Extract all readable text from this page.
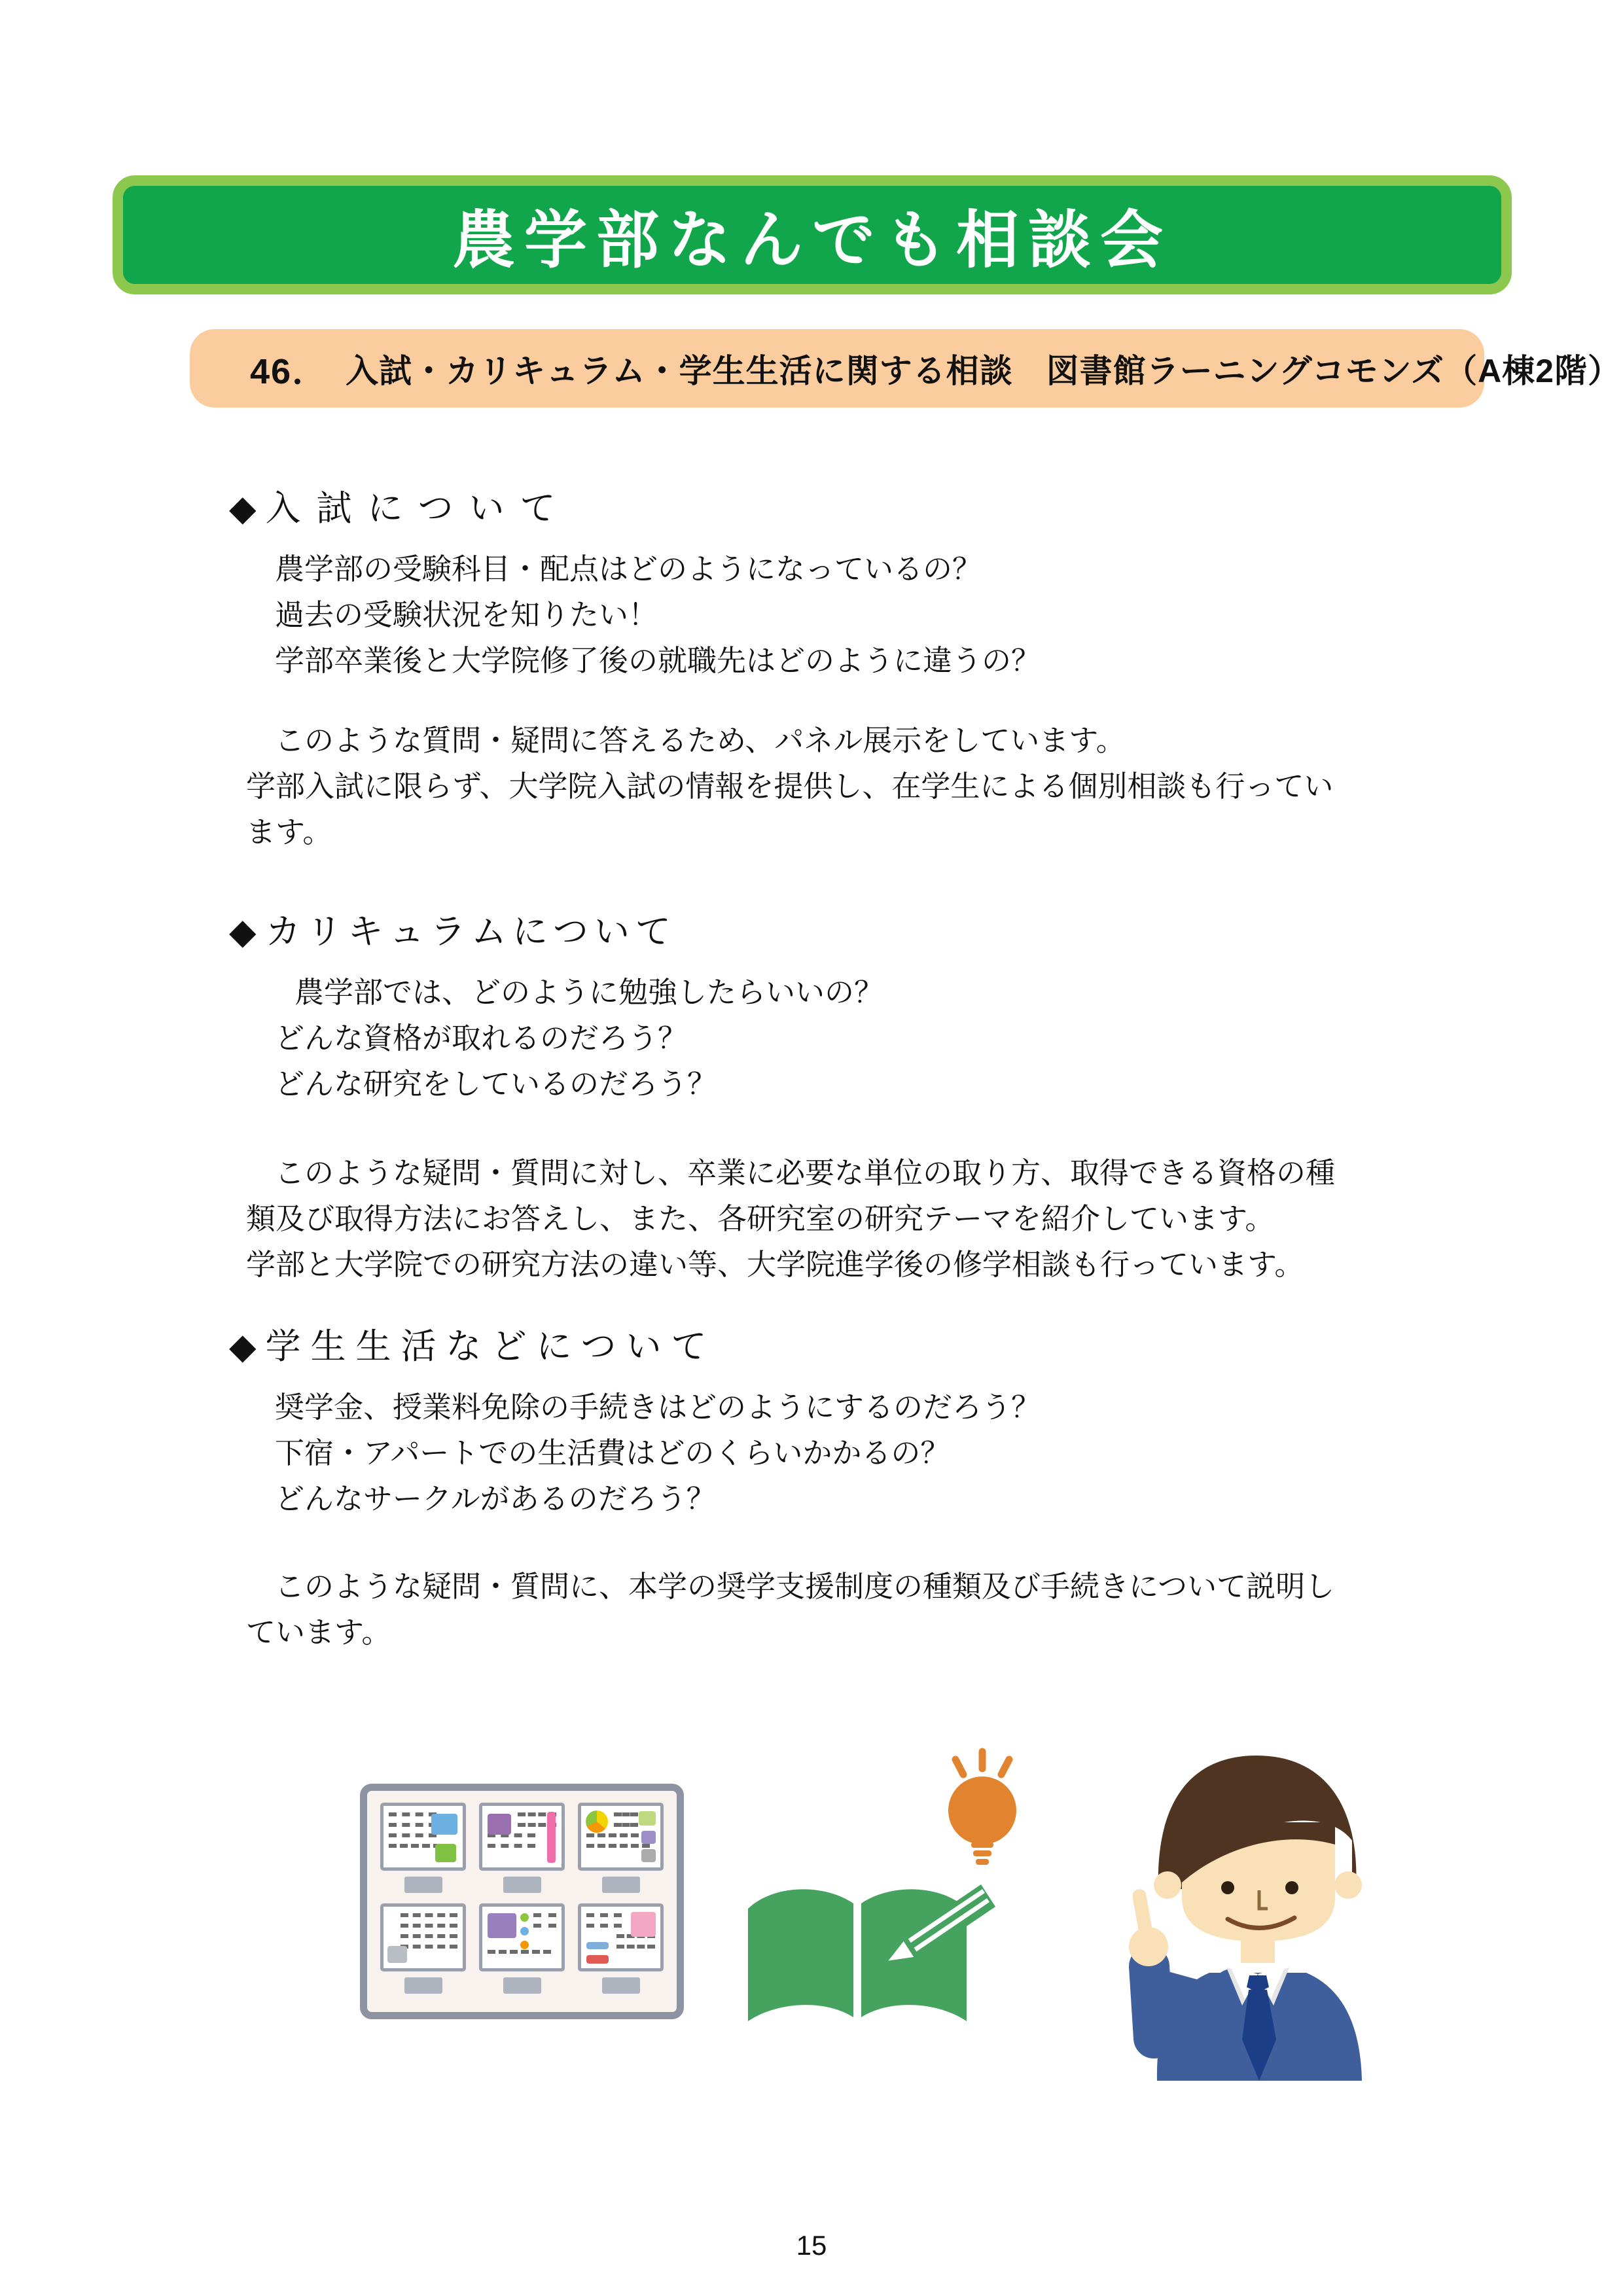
農学部なんでも相談会
46． 入試・カリキュラム・学生生活に関する相談　図書館ラーニングコモンズ（A棟2階）
◆ 入試について
農学部の受験科目・配点はどのようになっているの？
過去の受験状況を知りたい！
学部卒業後と大学院修了後の就職先はどのように違うの？
このような質問・疑問に答えるため、パネル展示をしています。
学部入試に限らず、大学院入試の情報を提供し、在学生による個別相談も行ってい
ます。
◆ カリキュラムについて
農学部では、どのように勉強したらいいの？
どんな資格が取れるのだろう？
どんな研究をしているのだろう？
このような疑問・質問に対し、卒業に必要な単位の取り方、取得できる資格の種
類及び取得方法にお答えし、また、各研究室の研究テーマを紹介しています。
学部と大学院での研究方法の違い等、大学院進学後の修学相談も行っています。
◆ 学生生活などについて
奨学金、授業料免除の手続きはどのようにするのだろう？
下宿・アパートでの生活費はどのくらいかかるの？
どんなサークルがあるのだろう？
このような疑問・質問に、本学の奨学支援制度の種類及び手続きについて説明し
ています。
15
